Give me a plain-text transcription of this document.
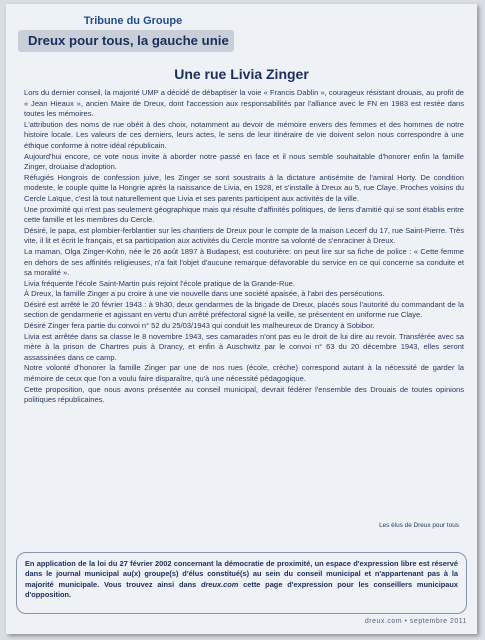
Tribune du Groupe
Dreux pour tous, la gauche unie
Une rue Livia Zinger

Lors du dernier conseil, la majorité UMP a décidé de débaptiser la voie « Francis Dablin », courageux résistant drouais, au profit de « Jean Hieaux », ancien Maire de Dreux, dont l'accession aux responsabilités par l'alliance avec le FN en 1983 est restée dans toutes les mémoires.

L'attribution des noms de rue obéit à des choix, notamment au devoir de mémoire envers des femmes et des hommes de notre histoire locale. Les valeurs de ces derniers, leurs actes, le sens de leur itinéraire de vie doivent selon nous correspondre à une éthique conforme à notre idéal républicain.

Aujourd'hui encore, ce vote nous invite à aborder notre passé en face et il nous semble souhaitable d'honorer enfin la famille Zinger, drouaise d'adoption.

Réfugiés Hongrois de confession juive, les Zinger se sont soustraits à la dictature antisémite de l'amiral Horty. De condition modeste, le couple quitte la Hongrie après la naissance de Livia, en 1928, et s'installe à Dreux au 5, rue Claye. Proches voisins du Cercle Laïque, c'est là tout naturellement que Livia et ses parents participent aux activités de la ville.

Une proximité qui n'est pas seulement géographique mais qui résulte d'affinités politiques, de liens d'amitié qui se sont établis entre cette famille et les membres du Cercle.

Désiré, le papa, est plombier-ferblantier sur les chantiers de Dreux pour le compte de la maison Lecerf du 17, rue Saint-Pierre. Très vite, il lit et écrit le français, et sa participation aux activités du Cercle montre sa volonté de s'enraciner à Dreux.

La maman, Olga Zinger-Kohn, née le 26 août 1897 à Budapest, est couturière: on peut lire sur sa fiche de police : « Cette femme en dehors de ses affinités religieuses, n'a fait l'objet d'aucune remarque défavorable du service en ce qui concerne sa conduite et sa moralité ».

Livia fréquente l'école Saint-Martin puis rejoint l'école pratique de la Grande-Rue.

À Dreux, la famille Zinger a pu croire à une vie nouvelle dans une société apaisée, à l'abri des persécutions.

Désiré est arrêté le 20 février 1943 : à 9h30, deux gendarmes de la brigade de Dreux, placés sous l'autorité du commandant de la section de gendarmerie et agissant en vertu d'un arrêté préfectoral signé la veille, se présentent en uniforme rue Claye.

Désiré Zinger fera partie du convoi n° 52 du 25/03/1943 qui conduit les malheureux de Drancy à Sobibor.

Livia est arrêtée dans sa classe le 8 novembre 1943, ses camarades n'ont pas eu le droit de lui dire au revoir. Transférée avec sa mère à la prison de Chartres puis à Drancy, et enfin à Auschwitz par le convoi n° 63 du 20 décembre 1943, elles seront assassinées dans ce camp.

Notre volonté d'honorer la famille Zinger par une de nos rues (école, crèche) correspond autant à la nécessité de garder la mémoire de ceux que l'on a voulu faire disparaître, qu'à une nécessité pédagogique.

Cette proposition, que nous avons présentée au conseil municipal, devrait fédérer l'ensemble des Drouais de toutes opinions politiques républicaines.

Les élus de Dreux pour tous
En application de la loi du 27 février 2002 concernant la démocratie de proximité, un espace d'expression libre est réservé dans le journal municipal au(x) groupe(s) d'élus constitué(s) au sein du conseil municipal et n'appartenant pas à la majorité municipale. Vous trouvez ainsi dans dreux.com cette page d'expression pour les conseillers municipaux d'opposition.
dreux.com • septembre 2011
